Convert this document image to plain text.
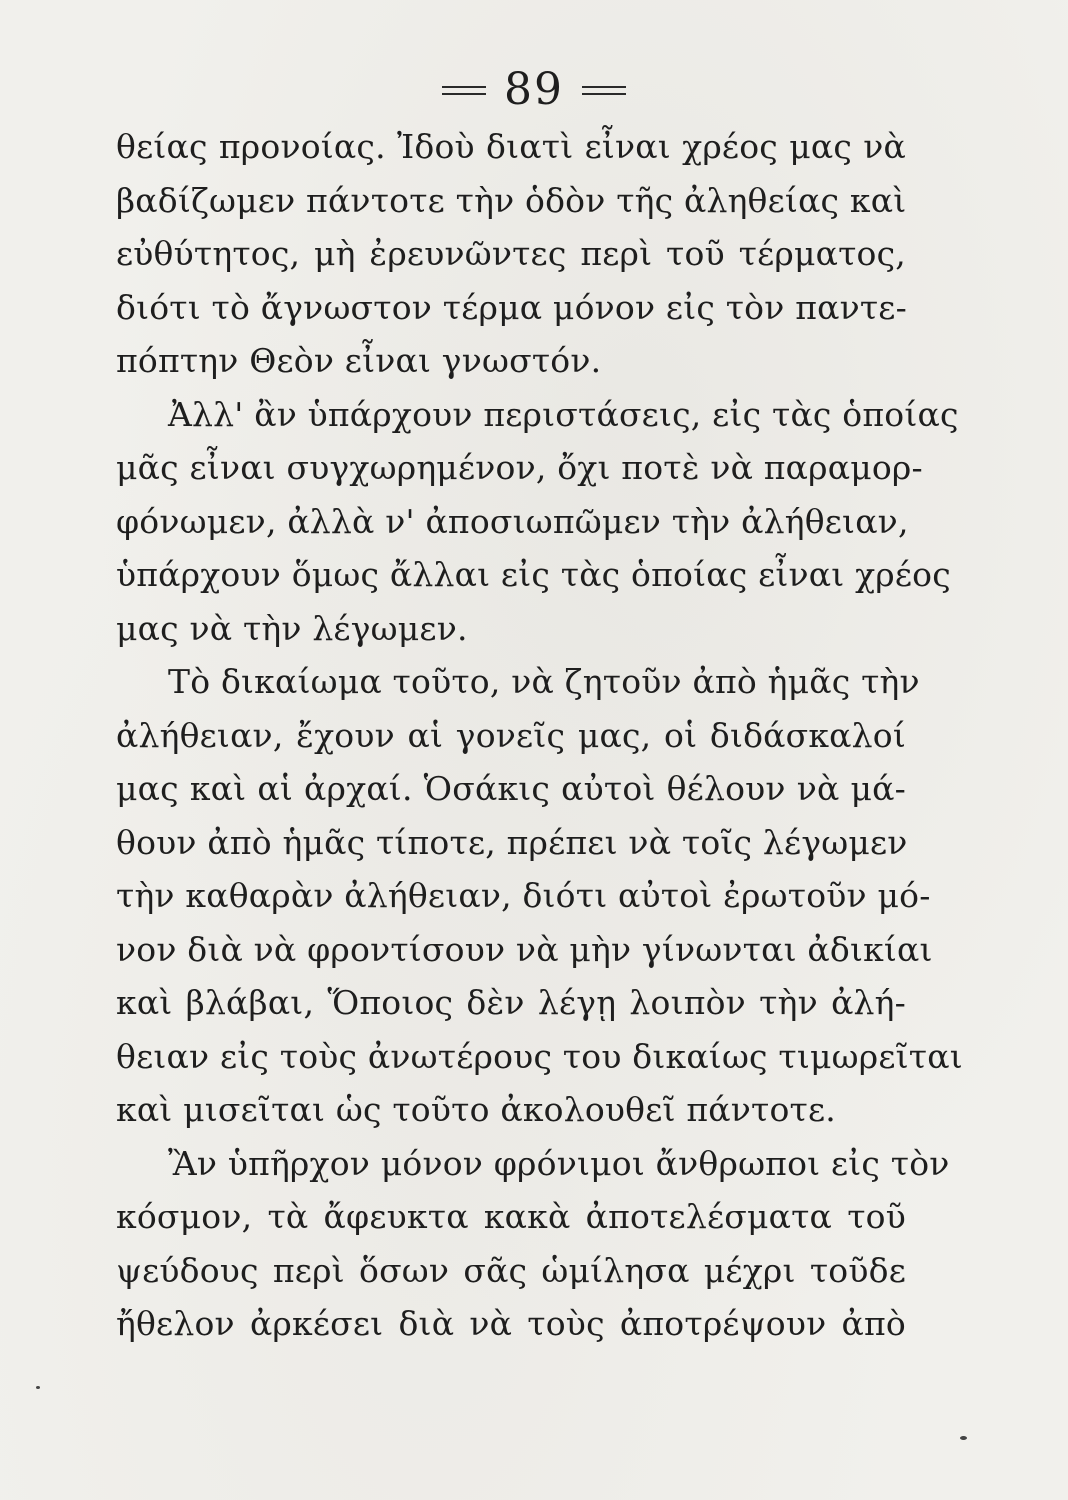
89
θείας προνοίας. Ἰδοὺ διατὶ εἶναι χρέος μας νὰ
βαδίζωμεν πάντοτε τὴν ὁδὸν τῆς ἀληθείας καὶ
εὐθύτητος, μὴ ἐρευνῶντες περὶ τοῦ τέρματος,
διότι τὸ ἄγνωστον τέρμα μόνον εἰς τὸν παντε-
πόπτην Θεὸν εἶναι γνωστόν.
Ἀλλ' ἂν ὑπάρχουν περιστάσεις, εἰς τὰς ὁποίας
μᾶς εἶναι συγχωρημένον, ὄχι ποτὲ νὰ παραμορ-
φόνωμεν, ἀλλὰ ν' ἀποσιωπῶμεν τὴν ἀλήθειαν,
ὑπάρχουν ὅμως ἄλλαι εἰς τὰς ὁποίας εἶναι χρέος
μας νὰ τὴν λέγωμεν.
Τὸ δικαίωμα τοῦτο, νὰ ζητοῦν ἀπὸ ἡμᾶς τὴν
ἀλήθειαν, ἔχουν αἱ γονεῖς μας, οἱ διδάσκαλοί
μας καὶ αἱ ἀρχαί. Ὁσάκις αὐτοὶ θέλουν νὰ μά-
θουν ἀπὸ ἡμᾶς τίποτε, πρέπει νὰ τοῖς λέγωμεν
τὴν καθαρὰν ἀλήθειαν, διότι αὐτοὶ ἐρωτοῦν μό-
νον διὰ νὰ φροντίσουν νὰ μὴν γίνωνται ἀδικίαι
καὶ βλάβαι, Ὅποιος δὲν λέγῃ λοιπὸν τὴν ἀλή-
θειαν εἰς τοὺς ἀνωτέρους του δικαίως τιμωρεῖται
καὶ μισεῖται ὡς τοῦτο ἀκολουθεῖ πάντοτε.
Ἂν ὑπῆρχον μόνον φρόνιμοι ἄνθρωποι εἰς τὸν
κόσμον, τὰ ἄφευκτα κακὰ ἀποτελέσματα τοῦ
ψεύδους περὶ ὅσων σᾶς ὡμίλησα μέχρι τοῦδε
ἤθελον ἀρκέσει διὰ νὰ τοὺς ἀποτρέψουν ἀπὸ
